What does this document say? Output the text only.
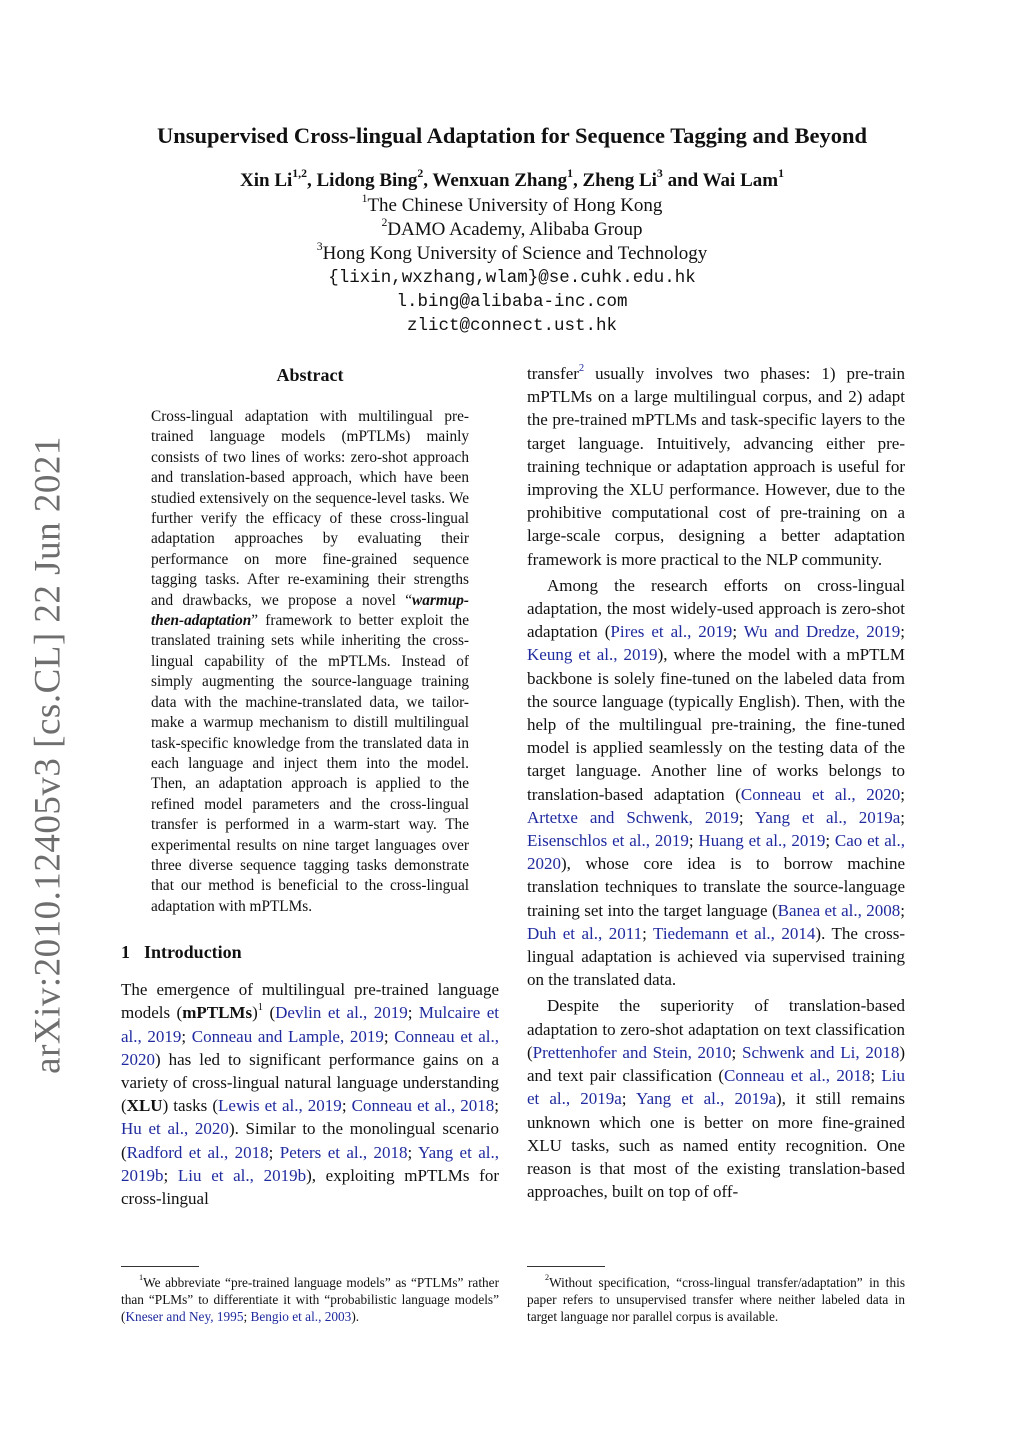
arXiv:2010.12405v3 [cs.CL] 22 Jun 2021
Unsupervised Cross-lingual Adaptation for Sequence Tagging and Beyond
Xin Li$^{1,2}$, Lidong Bing$^2$, Wenxuan Zhang$^1$, Zheng Li$^3$ and Wai Lam$^1$
$^1$The Chinese University of Hong Kong
$^2$DAMO Academy, Alibaba Group
$^3$Hong Kong University of Science and Technology
{lixin,wxzhang,wlam}@se.cuhk.edu.hk
l.bing@alibaba-inc.com
zlict@connect.ust.hk
Abstract

Cross-lingual adaptation with multilingual pre-trained language models (mPTLMs) mainly consists of two lines of works: zero-shot approach and translation-based approach, which have been studied extensively on the sequence-level tasks. We further verify the efficacy of these cross-lingual adaptation approaches by evaluating their performance on more fine-grained sequence tagging tasks. After re-examining their strengths and drawbacks, we propose a novel “warmup-then-adaptation” framework to better exploit the translated training sets while inheriting the cross-lingual capability of the mPTLMs. Instead of simply augmenting the source-language training data with the machine-translated data, we tailor-make a warmup mechanism to distill multilingual task-specific knowledge from the translated data in each language and inject them into the model. Then, an adaptation approach is applied to the refined model parameters and the cross-lingual transfer is performed in a warm-start way. The experimental results on nine target languages over three diverse sequence tagging tasks demonstrate that our method is beneficial to the cross-lingual adaptation with mPTLMs.

1 Introduction

The emergence of multilingual pre-trained language models (mPTLMs)$^1$ (Devlin et al., 2019; Mulcaire et al., 2019; Conneau and Lample, 2019; Conneau et al., 2020) has led to significant performance gains on a variety of cross-lingual natural language understanding (XLU) tasks (Lewis et al., 2019; Conneau et al., 2018; Hu et al., 2020). Similar to the monolingual scenario (Radford et al., 2018; Peters et al., 2018; Yang et al., 2019b; Liu et al., 2019b), exploiting mPTLMs for cross-lingual

transfer$^2$ usually involves two phases: 1) pre-train mPTLMs on a large multilingual corpus, and 2) adapt the pre-trained mPTLMs and task-specific layers to the target language. Intuitively, advancing either pre-training technique or adaptation approach is useful for improving the XLU performance. However, due to the prohibitive computational cost of pre-training on a large-scale corpus, designing a better adaptation framework is more practical to the NLP community.

Among the research efforts on cross-lingual adaptation, the most widely-used approach is zero-shot adaptation (Pires et al., 2019; Wu and Dredze, 2019; Keung et al., 2019), where the model with a mPTLM backbone is solely fine-tuned on the labeled data from the source language (typically English). Then, with the help of the multilingual pre-training, the fine-tuned model is applied seamlessly on the testing data of the target language. Another line of works belongs to translation-based adaptation (Conneau et al., 2020; Artetxe and Schwenk, 2019; Yang et al., 2019a; Eisenschlos et al., 2019; Huang et al., 2019; Cao et al., 2020), whose core idea is to borrow machine translation techniques to translate the source-language training set into the target language (Banea et al., 2008; Duh et al., 2011; Tiedemann et al., 2014). The cross-lingual adaptation is achieved via supervised training on the translated data.

Despite the superiority of translation-based adaptation to zero-shot adaptation on text classification (Prettenhofer and Stein, 2010; Schwenk and Li, 2018) and text pair classification (Conneau et al., 2018; Liu et al., 2019a; Yang et al., 2019a), it still remains unknown which one is better on more fine-grained XLU tasks, such as named entity recognition. One reason is that most of the existing translation-based approaches, built on top of off-

$^1$We abbreviate “pre-trained language models” as “PTLMs” rather than “PLMs” to differentiate it with “probabilistic language models” (Kneser and Ney, 1995; Bengio et al., 2003).
$^2$Without specification, “cross-lingual transfer/adaptation” in this paper refers to unsupervised transfer where neither labeled data in target language nor parallel corpus is available.
